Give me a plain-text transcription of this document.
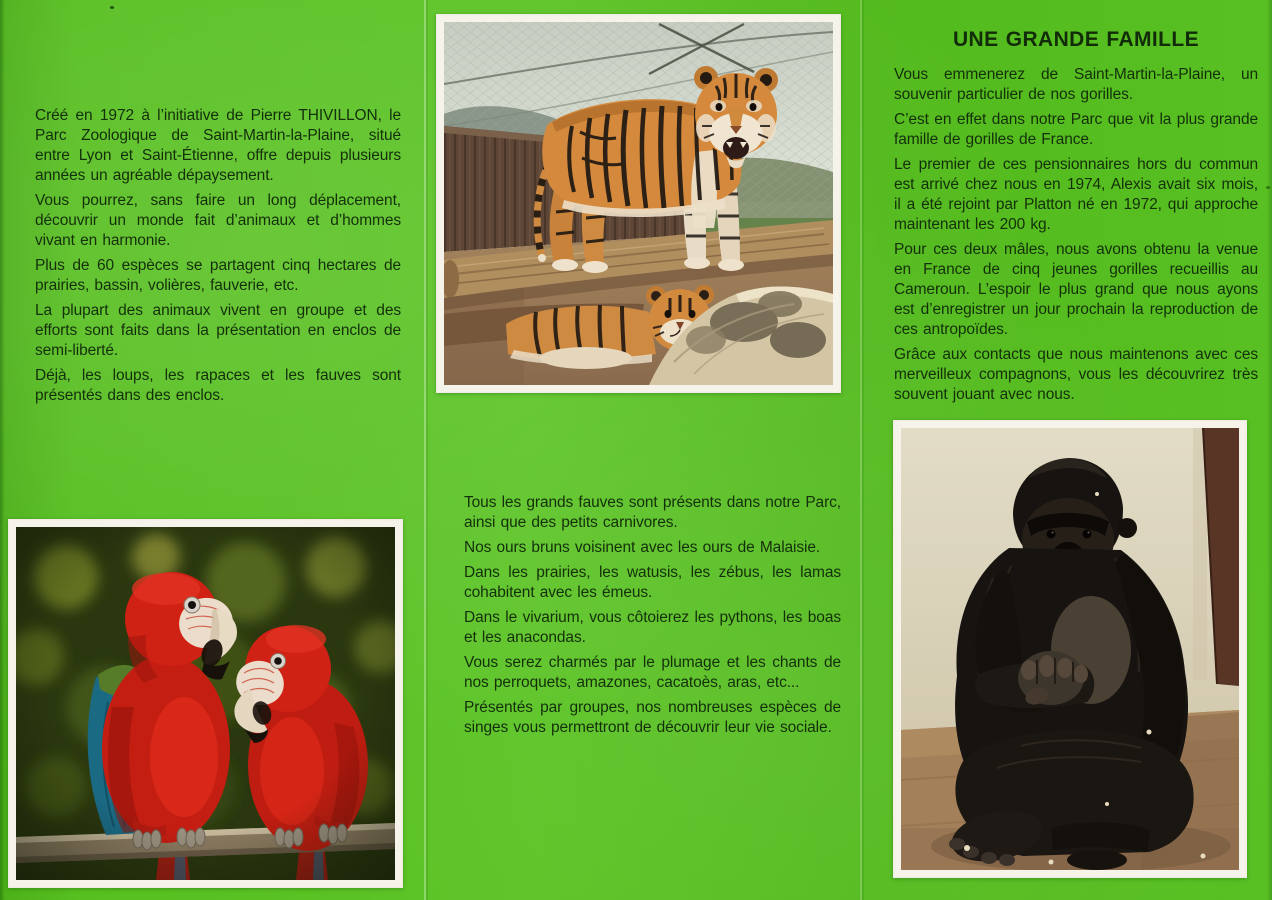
Créé en 1972 à l’initiative de Pierre THIVILLON, le Parc Zoologique de Saint-Martin-la-Plaine, situé entre Lyon et Saint-Étienne, offre depuis plusieurs années un agréable dépaysement.

Vous pourrez, sans faire un long déplacement, découvrir un monde fait d’animaux et d’hommes vivant en harmonie.

Plus de 60 espèces se partagent cinq hectares de prairies, bassin, volières, fauverie, etc.

La plupart des animaux vivent en groupe et des efforts sont faits dans la présentation en enclos de semi-liberté.

Déjà, les loups, les rapaces et les fauves sont présentés dans des enclos.

Tous les grands fauves sont présents dans notre Parc, ainsi que des petits carnivores.

Nos ours bruns voisinent avec les ours de Malaisie.

Dans les prairies, les watusis, les zébus, les lamas cohabitent avec les émeus.

Dans le vivarium, vous côtoierez les pythons, les boas et les anacondas.

Vous serez charmés par le plumage et les chants de nos perroquets, amazones, cacatoès, aras, etc...

Présentés par groupes, nos nombreuses espèces de singes vous permettront de découvrir leur vie sociale.

UNE GRANDE FAMILLE

Vous emmenerez de Saint-Martin-la-Plaine, un souvenir particulier de nos gorilles.

C’est en effet dans notre Parc que vit la plus grande famille de gorilles de France.

Le premier de ces pensionnaires hors du commun est arrivé chez nous en 1974, Alexis avait six mois, il a été rejoint par Platton né en 1972, qui approche maintenant les 200 kg.

Pour ces deux mâles, nous avons obtenu la venue en France de cinq jeunes gorilles recueillis au Cameroun. L’espoir le plus grand que nous ayons est d’enregistrer un jour prochain la reproduction de ces antropoïdes.

Grâce aux contacts que nous maintenons avec ces merveilleux compagnons, vous les découvrirez très souvent jouant avec nous.
